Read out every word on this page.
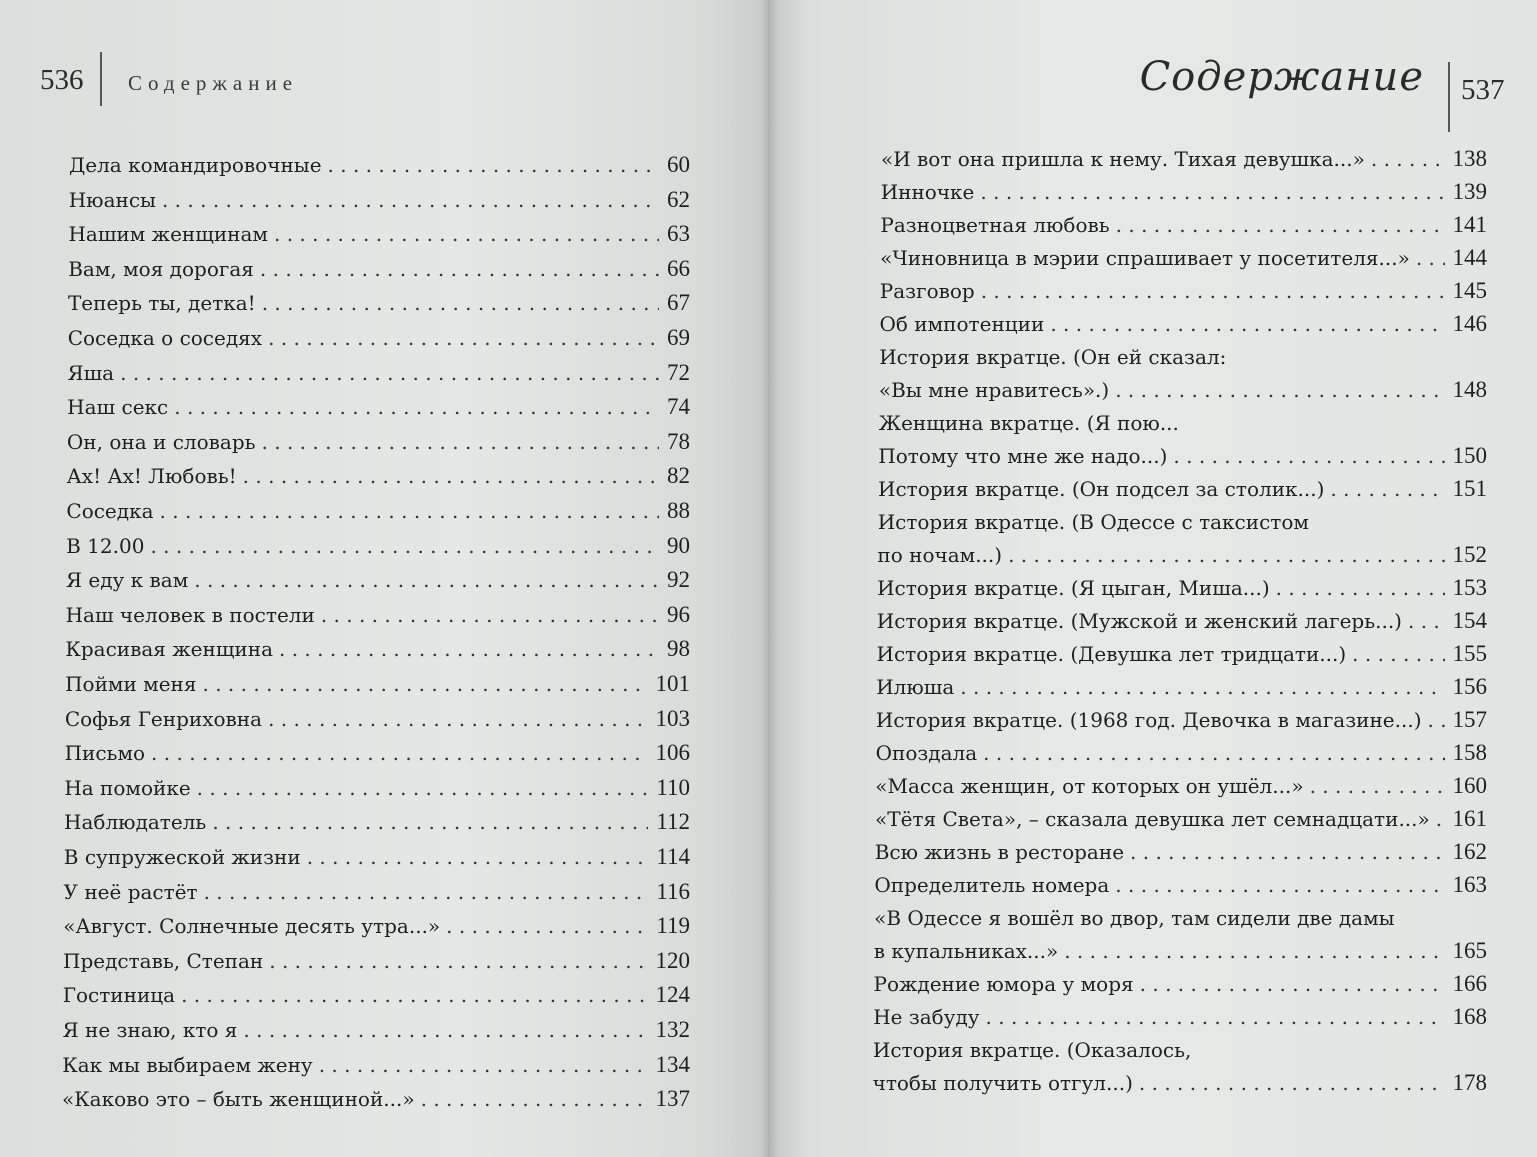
536 Содержание
Дела командировочные . . .	60
Нюансы . . .	62
Нашим женщинам . . .	63
Вам, моя дорогая . . .	66
Теперь ты, детка! . . .	67
Соседка о соседях . . .	69
Яша . . .	72
Наш секс . . .	74
Он, она и словарь . . .	78
Ах! Ах! Любовь! . . .	82
Соседка . . .	88
В 12.00 . . .	90
Я еду к вам . . .	92
Наш человек в постели . . .	96
Красивая женщина . . .	98
Пойми меня . . .	101
Софья Генриховна . . .	103
Письмо . . .	106
На помойке . . .	110
Наблюдатель . . .	112
В супружеской жизни . . .	114
У неё растёт . . .	116
«Август. Солнечные десять утра...» . . .	119
Представь, Степан . . .	120
Гостиница . . .	124
Я не знаю, кто я . . .	132
Как мы выбираем жену . . .	134
«Каково это – быть женщиной...» . . .	137
Содержание 537
«И вот она пришла к нему. Тихая девушка...» . . .	138
Инночке . . .	139
Разноцветная любовь . . .	141
«Чиновница в мэрии спрашивает у посетителя...» . . . 144
Разговор . . .	145
Об импотенции . . .	146
История вкратце. (Он ей сказал:
«Вы мне нравитесь».) . . .	148
Женщина вкратце. (Я пою...
Потому что мне же надо...) . . .	150
История вкратце. (Он подсел за столик...) . . .	151
История вкратце. (В Одессе с таксистом
по ночам...) . . .	152
История вкратце. (Я цыган, Миша...) . . .	153
История вкратце. (Мужской и женский лагерь...) . . . 154
История вкратце. (Девушка лет тридцати...) . . .	155
Илюша . . .	156
История вкратце. (1968 год. Девочка в магазине...) . . . 157
Опоздала . . .	158
«Масса женщин, от которых он ушёл...» . . .	160
«Тётя Света», – сказала девушка лет семнадцати...» . . . 161
Всю жизнь в ресторане . . .	162
Определитель номера . . .	163
«В Одессе я вошёл во двор, там сидели две дамы
в купальниках...» . . .	165
Рождение юмора у моря . . .	166
Не забуду . . .	168
История вкратце. (Оказалось,
чтобы получить отгул...) . . .	178
